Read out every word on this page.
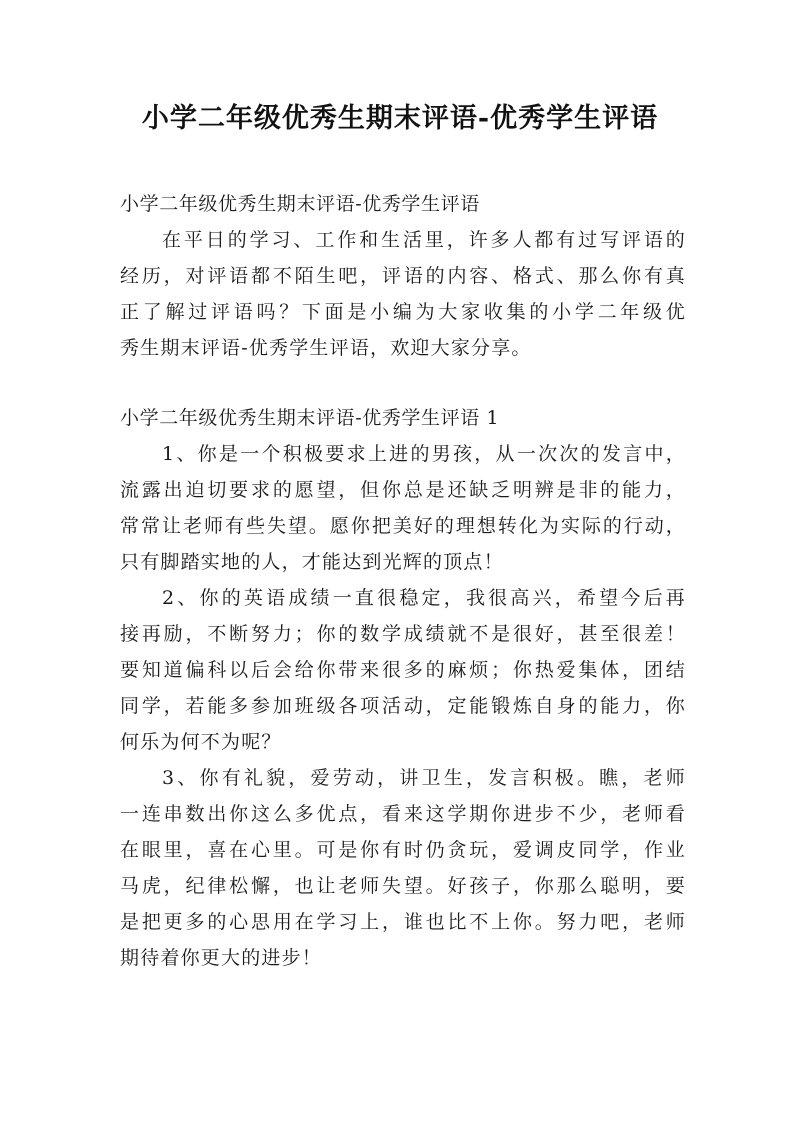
小学二年级优秀生期末评语-优秀学生评语

小学二年级优秀生期末评语-优秀学生评语

在平日的学习、工作和生活里，许多人都有过写评语的

经历，对评语都不陌生吧，评语的内容、格式、那么你有真

正了解过评语吗？下面是小编为大家收集的小学二年级优

秀生期末评语-优秀学生评语，欢迎大家分享。

小学二年级优秀生期末评语-优秀学生评语 1

1、你是一个积极要求上进的男孩，从一次次的发言中，

流露出迫切要求的愿望，但你总是还缺乏明辨是非的能力，

常常让老师有些失望。愿你把美好的理想转化为实际的行动，

只有脚踏实地的人，才能达到光辉的顶点！

2、你的英语成绩一直很稳定，我很高兴，希望今后再

接再励，不断努力；你的数学成绩就不是很好，甚至很差！

要知道偏科以后会给你带来很多的麻烦；你热爱集体，团结

同学，若能多参加班级各项活动，定能锻炼自身的能力，你

何乐为何不为呢？

3、你有礼貌，爱劳动，讲卫生，发言积极。瞧，老师

一连串数出你这么多优点，看来这学期你进步不少，老师看

在眼里，喜在心里。可是你有时仍贪玩，爱调皮同学，作业

马虎，纪律松懈，也让老师失望。好孩子，你那么聪明，要

是把更多的心思用在学习上，谁也比不上你。努力吧，老师

期待着你更大的进步！
